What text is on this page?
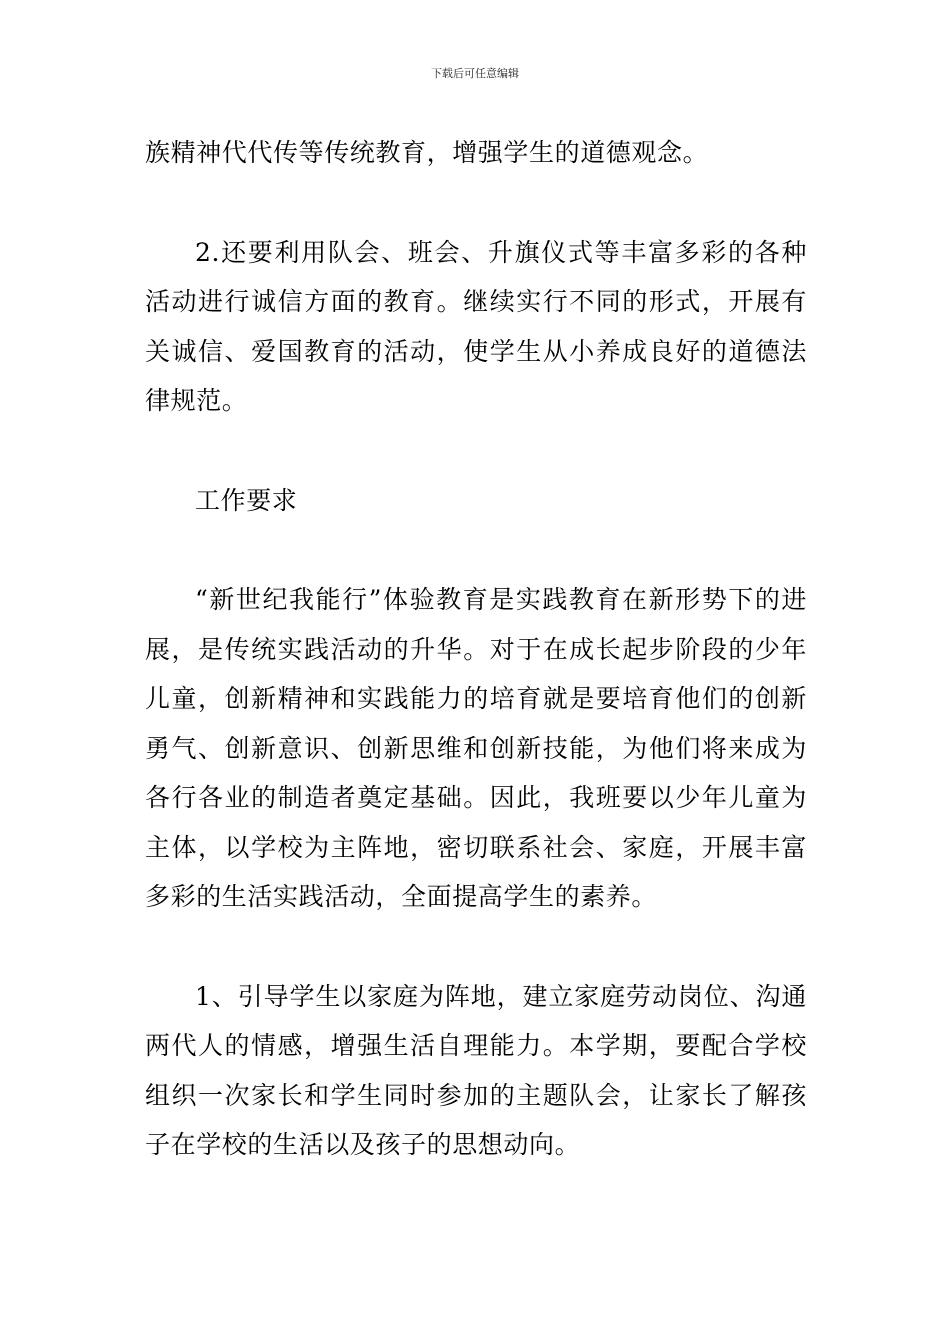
下载后可任意编辑

族精神代代传等传统教育，增强学生的道德观念。

2.还要利用队会、班会、升旗仪式等丰富多彩的各种活动进行诚信方面的教育。继续实行不同的形式，开展有关诚信、爱国教育的活动，使学生从小养成良好的道德法律规范。

工作要求

“新世纪我能行”体验教育是实践教育在新形势下的进展，是传统实践活动的升华。对于在成长起步阶段的少年儿童，创新精神和实践能力的培育就是要培育他们的创新勇气、创新意识、创新思维和创新技能，为他们将来成为各行各业的制造者奠定基础。因此，我班要以少年儿童为主体，以学校为主阵地，密切联系社会、家庭，开展丰富多彩的生活实践活动，全面提高学生的素养。

1、引导学生以家庭为阵地，建立家庭劳动岗位、沟通两代人的情感，增强生活自理能力。本学期，要配合学校组织一次家长和学生同时参加的主题队会，让家长了解孩子在学校的生活以及孩子的思想动向。
